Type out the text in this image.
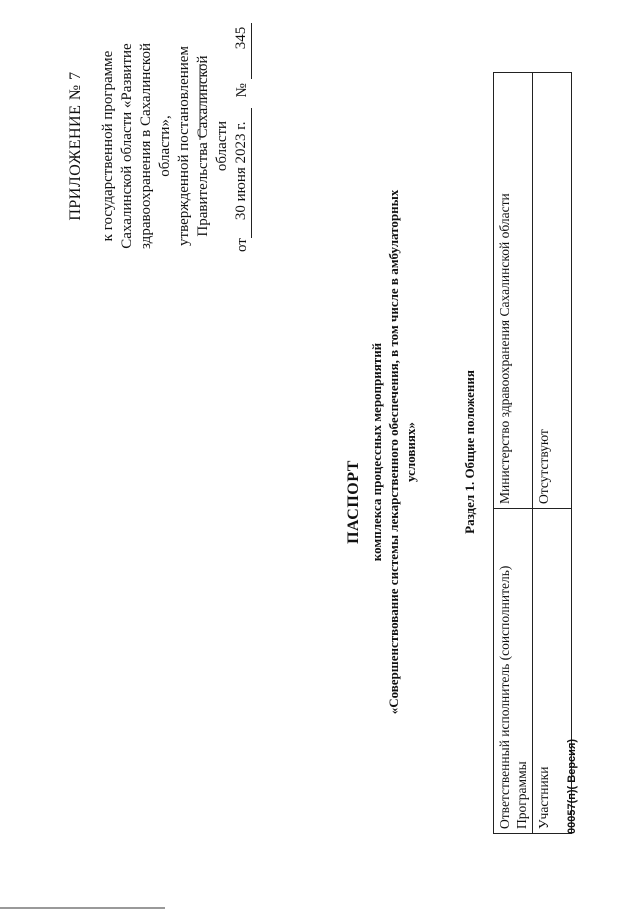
ПРИЛОЖЕНИЕ № 7 к государственной программе Сахалинской области «Развитие здравоохранения в Сахалинской области», утвержденной постановлением Правительства Сахалинской области
от
30 июня 2023 г.
№
345
ПАСПОРТ комплекса процессных мероприятий «Совершенствование системы лекарственного обеспечения, в том числе в амбулаторных условиях»	Раздел 1. Общие положения
Ответственный исполнитель (соисполнитель) Программы	Министерство здравоохранения Сахалинской области
Участники	Отсутствуют
00057(п)( Версия)
